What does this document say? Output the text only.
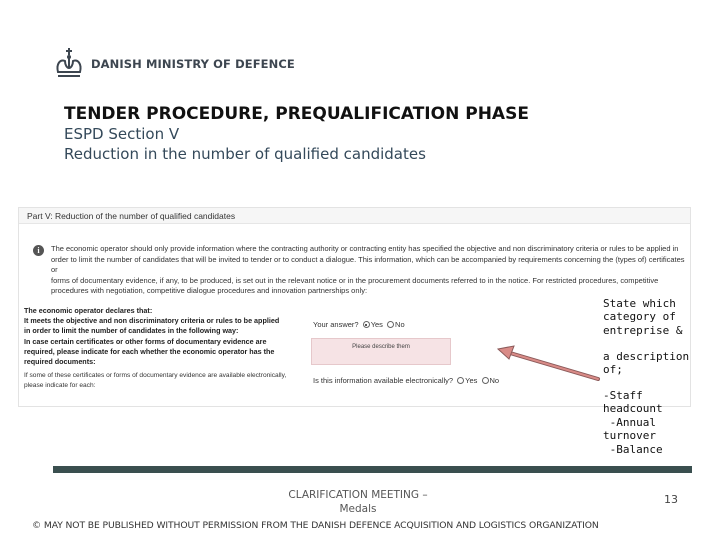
DANISH MINISTRY OF DEFENCE
TENDER PROCEDURE, PREQUALIFICATION PHASE
ESPD Section V
Reduction in the number of qualified candidates
Part V: Reduction of the number of qualified candidates
i	The economic operator should only provide information where the contracting authority or contracting entity has specified the objective and non discriminatory criteria or rules to be applied in
order to limit the number of candidates that will be invited to tender or to conduct a dialogue. This information, which can be accompanied by requirements concerning the (types of) certificates or
forms of documentary evidence, if any, to be produced, is set out in the relevant notice or in the procurement documents referred to in the notice. For restricted procedures, competitive
procedures with negotiation, competitive dialogue procedures and innovation partnerships only:

The economic operator declares that:

It meets the objective and non discriminatory criteria or rules to be applied

in order to limit the number of candidates in the following way:

In case certain certificates or other forms of documentary evidence are

required, please indicate for each whether the economic operator has the

required documents:

If some of these certificates or forms of documentary evidence are available electronically,

please indicate for each:

Your answer? Yes No
Please describe them
Is this information available electronically? Yes No
State which
category of
entreprise &
a description
of;
-Staff
headcount
-Annual
turnover
-Balance
CLARIFICATION MEETING –
Medals
13
© MAY NOT BE PUBLISHED WITHOUT PERMISSION FROM THE DANISH DEFENCE ACQUISITION AND LOGISTICS ORGANIZATION
